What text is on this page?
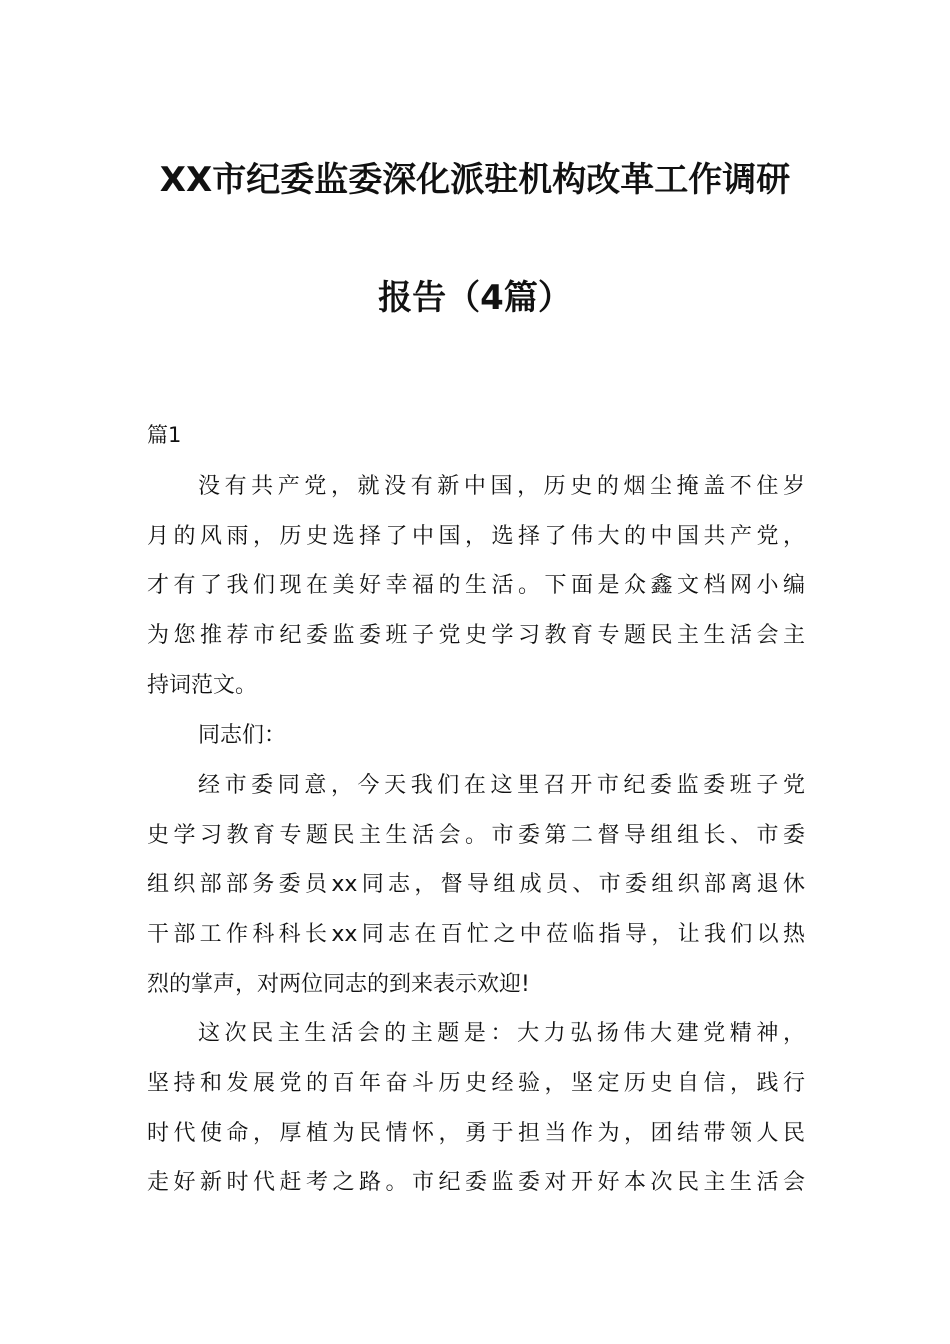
XX市纪委监委深化派驻机构改革工作调研
报告（4篇）
篇1
没有共产党，就没有新中国，历史的烟尘掩盖不住岁
月的风雨，历史选择了中国，选择了伟大的中国共产党，
才有了我们现在美好幸福的生活。下面是众鑫文档网小编
为您推荐市纪委监委班子党史学习教育专题民主生活会主
持词范文。
同志们：
经市委同意，今天我们在这里召开市纪委监委班子党
史学习教育专题民主生活会。市委第二督导组组长、市委
组织部部务委员xx同志，督导组成员、市委组织部离退休
干部工作科科长xx同志在百忙之中莅临指导，让我们以热
烈的掌声，对两位同志的到来表示欢迎!
这次民主生活会的主题是：大力弘扬伟大建党精神，
坚持和发展党的百年奋斗历史经验，坚定历史自信，践行
时代使命，厚植为民情怀，勇于担当作为，团结带领人民
走好新时代赶考之路。市纪委监委对开好本次民主生活会
